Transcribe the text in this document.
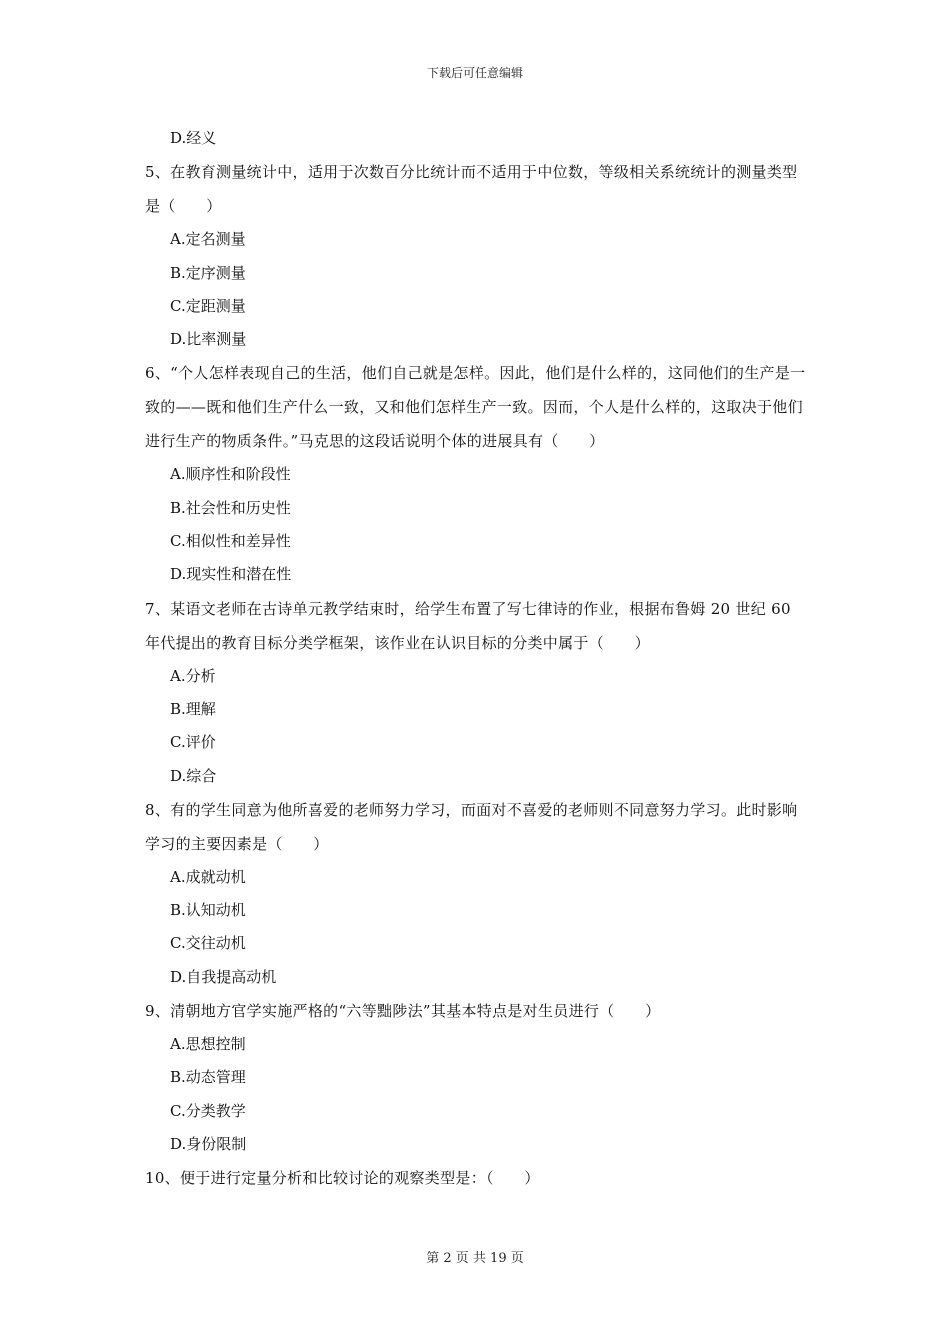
下载后可任意编辑

D.经义

5、在教育测量统计中，适用于次数百分比统计而不适用于中位数，等级相关系统统计的测量类型是（　　）

A.定名测量

B.定序测量

C.定距测量

D.比率测量

6、“个人怎样表现自己的生活，他们自己就是怎样。因此，他们是什么样的，这同他们的生产是一致的——既和他们生产什么一致，又和他们怎样生产一致。因而，个人是什么样的，这取决于他们进行生产的物质条件。”马克思的这段话说明个体的进展具有（　　）

A.顺序性和阶段性

B.社会性和历史性

C.相似性和差异性

D.现实性和潜在性

7、某语文老师在古诗单元教学结束时，给学生布置了写七律诗的作业，根据布鲁姆 20 世纪 60 年代提出的教育目标分类学框架，该作业在认识目标的分类中属于（　　）

A.分析

B.理解

C.评价

D.综合

8、有的学生同意为他所喜爱的老师努力学习，而面对不喜爱的老师则不同意努力学习。此时影响学习的主要因素是（　　）

A.成就动机

B.认知动机

C.交往动机

D.自我提高动机

9、清朝地方官学实施严格的“六等黜陟法”其基本特点是对生员进行（　　）

A.思想控制

B.动态管理

C.分类教学

D.身份限制

10、便于进行定量分析和比较讨论的观察类型是：（　　）

第 2 页 共 19 页
